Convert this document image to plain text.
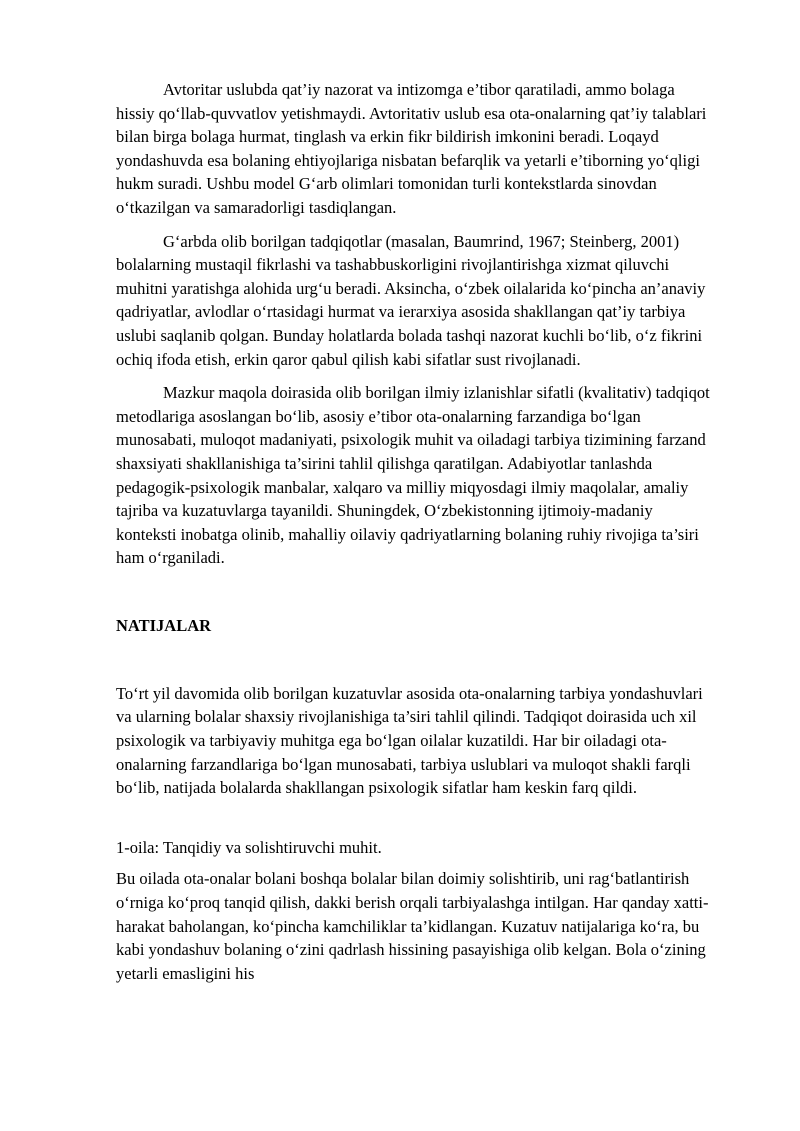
Avtoritar uslubda qat’iy nazorat va intizomga e’tibor qaratiladi, ammo bolaga hissiy qo‘llab-quvvatlov yetishmaydi. Avtoritativ uslub esa ota-onalarning qat’iy talablari bilan birga bolaga hurmat, tinglash va erkin fikr bildirish imkonini beradi. Loqayd yondashuvda esa bolaning ehtiyojlariga nisbatan befarqlik va yetarli e’tiborning yo‘qligi hukm suradi. Ushbu model G‘arb olimlari tomonidan turli kontekstlarda sinovdan o‘tkazilgan va samaradorligi tasdiqlangan.

G‘arbda olib borilgan tadqiqotlar (masalan, Baumrind, 1967; Steinberg, 2001) bolalarning mustaqil fikrlashi va tashabbuskorligini rivojlantirishga xizmat qiluvchi muhitni yaratishga alohida urg‘u beradi. Aksincha, o‘zbek oilalarida ko‘pincha an’anaviy qadriyatlar, avlodlar o‘rtasidagi hurmat va ierarxiya asosida shakllangan qat’iy tarbiya uslubi saqlanib qolgan. Bunday holatlarda bolada tashqi nazorat kuchli bo‘lib, o‘z fikrini ochiq ifoda etish, erkin qaror qabul qilish kabi sifatlar sust rivojlanadi.

Mazkur maqola doirasida olib borilgan ilmiy izlanishlar sifatli (kvalitativ) tadqiqot metodlariga asoslangan bo‘lib, asosiy e’tibor ota-onalarning farzandiga bo‘lgan munosabati, muloqot madaniyati, psixologik muhit va oiladagi tarbiya tizimining farzand shaxsiyati shakllanishiga ta’sirini tahlil qilishga qaratilgan. Adabiyotlar tanlashda pedagogik-psixologik manbalar, xalqaro va milliy miqyosdagi ilmiy maqolalar, amaliy tajriba va kuzatuvlarga tayanildi. Shuningdek, O‘zbekistonning ijtimoiy-madaniy konteksti inobatga olinib, mahalliy oilaviy qadriyatlarning bolaning ruhiy rivojiga ta’siri ham o‘rganiladi.

NATIJALAR

To‘rt yil davomida olib borilgan kuzatuvlar asosida ota-onalarning tarbiya yondashuvlari va ularning bolalar shaxsiy rivojlanishiga ta’siri tahlil qilindi. Tadqiqot doirasida uch xil psixologik va tarbiyaviy muhitga ega bo‘lgan oilalar kuzatildi. Har bir oiladagi ota-onalarning farzandlariga bo‘lgan munosabati, tarbiya uslublari va muloqot shakli farqli bo‘lib, natijada bolalarda shakllangan psixologik sifatlar ham keskin farq qildi.

1-oila: Tanqidiy va solishtiruvchi muhit.

Bu oilada ota-onalar bolani boshqa bolalar bilan doimiy solishtirib, uni rag‘batlantirish o‘rniga ko‘proq tanqid qilish, dakki berish orqali tarbiyalashga intilgan. Har qanday xatti-harakat baholangan, ko‘pincha kamchiliklar ta’kidlangan. Kuzatuv natijalariga ko‘ra, bu kabi yondashuv bolaning o‘zini qadrlash hissining pasayishiga olib kelgan. Bola o‘zining yetarli emasligini his
